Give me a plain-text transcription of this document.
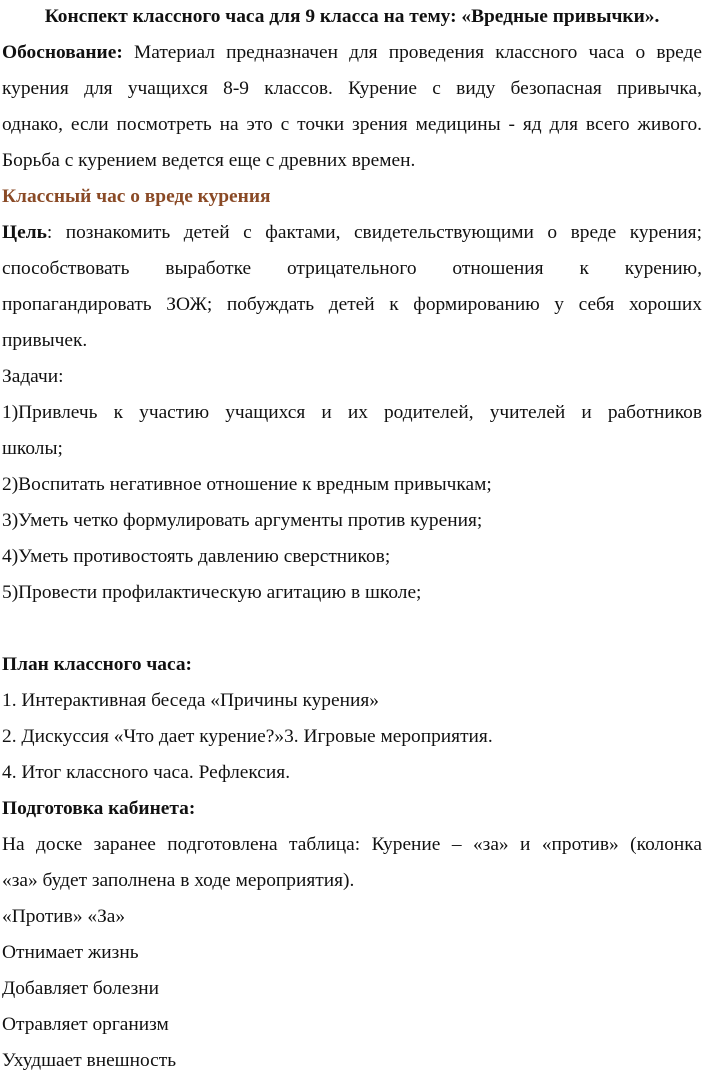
Конспект классного часа для 9 класса на тему: «Вредные привычки».
Обоснование: Материал предназначен для проведения классного часа о вреде
курения для учащихся 8-9 классов. Курение с виду безопасная привычка,
однако, если посмотреть на это с точки зрения медицины - яд для всего живого.
Борьба с курением ведется еще с древних времен.
Классный час о вреде курения
Цель: познакомить детей с фактами, свидетельствующими о вреде курения;
способствовать выработке отрицательного отношения к курению,
пропагандировать ЗОЖ; побуждать детей к формированию у себя хороших
привычек.
Задачи:
1)Привлечь к участию учащихся и их родителей, учителей и работников
школы;
2)Воспитать негативное отношение к вредным привычкам;
3)Уметь четко формулировать аргументы против курения;
4)Уметь противостоять давлению сверстников;
5)Провести профилактическую агитацию в школе;
План классного часа:
1. Интерактивная беседа «Причины курения»
2. Дискуссия «Что дает курение?»3. Игровые мероприятия.
4. Итог классного часа. Рефлексия.
Подготовка кабинета:
На доске заранее подготовлена таблица: Курение – «за» и «против» (колонка
«за» будет заполнена в ходе мероприятия).
«Против» «За»
Отнимает жизнь
Добавляет болезни
Отравляет организм
Ухудшает внешность
